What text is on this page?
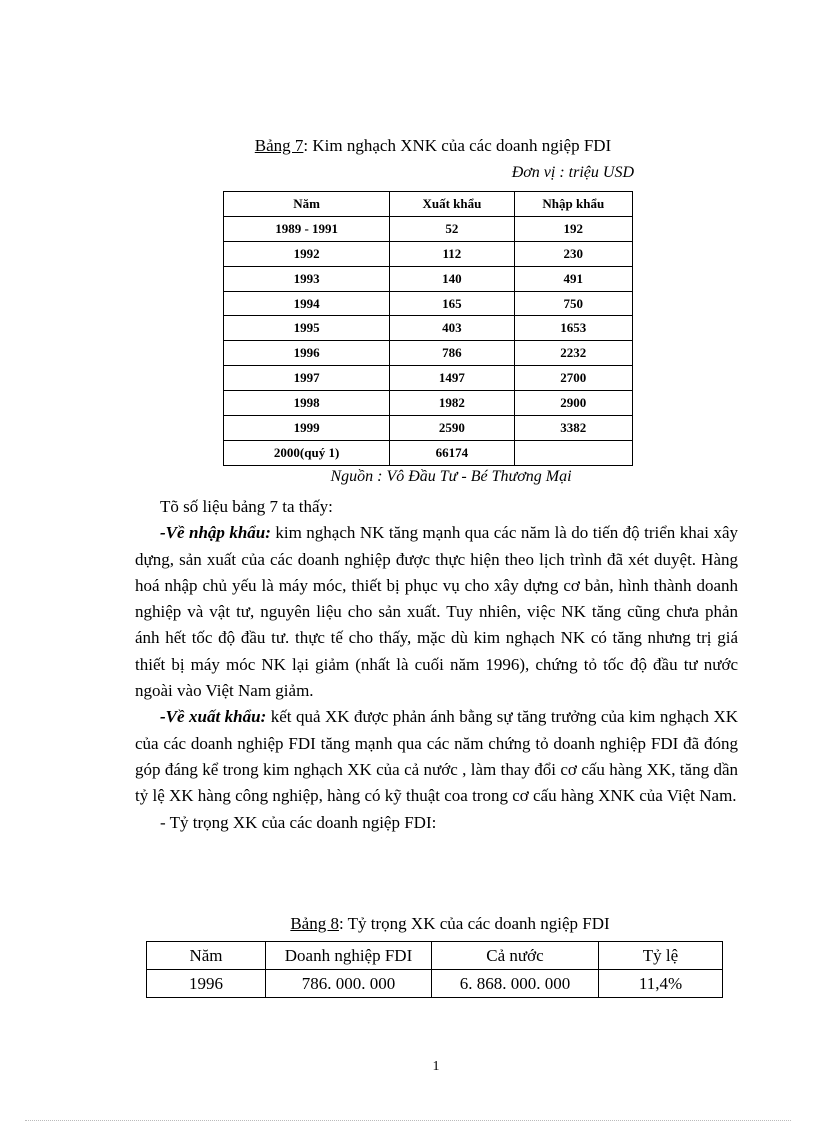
Bảng 7: Kim nghạch XNK của các doanh ngiệp FDI
Đơn vị : triệu USD
Năm	Xuất khẩu	Nhập khẩu
1989 - 1991	52	192
1992	112	230
1993	140	491
1994	165	750
1995	403	1653
1996	786	2232
1997	1497	2700
1998	1982	2900
1999	2590	3382
2000(quý 1)	66174	
Nguồn : Vô Đầu Tư - Bé Thương Mại

Tõ số liệu bảng 7 ta thấy:

-Về nhập khẩu: kim nghạch NK tăng mạnh qua các năm là do tiến độ triển khai xây dựng, sản xuất của các doanh nghiệp được thực hiện theo lịch trình đã xét duyệt. Hàng hoá nhập chủ yếu là máy móc, thiết bị phục vụ cho xây dựng cơ bản, hình thành doanh nghiệp và vật tư, nguyên liệu cho sản xuất. Tuy nhiên, việc NK tăng cũng chưa phản ánh hết tốc độ đầu tư. thực tế cho thấy, mặc dù kim nghạch NK có tăng nhưng trị giá thiết bị máy móc NK lại giảm (nhất là cuối năm 1996), chứng tỏ tốc độ đầu tư nước ngoài vào Việt Nam giảm.

-Về xuất khẩu: kết quả XK được phản ánh bằng sự tăng trưởng của kim nghạch XK của các doanh nghiệp FDI tăng mạnh qua các năm chứng tỏ doanh nghiệp FDI đã đóng góp đáng kể trong kim nghạch XK của cả nước , làm thay đổi cơ cấu hàng XK, tăng dần tỷ lệ XK hàng công nghiệp, hàng có kỹ thuật coa trong cơ cấu hàng XNK của Việt Nam.

- Tỷ trọng XK của các doanh ngiệp FDI:

Bảng 8: Tỷ trọng XK của các doanh ngiệp FDI
Năm	Doanh nghiệp FDI	Cả nước	Tỷ lệ
1996	786. 000. 000	6. 868. 000. 000	11,4%
1
